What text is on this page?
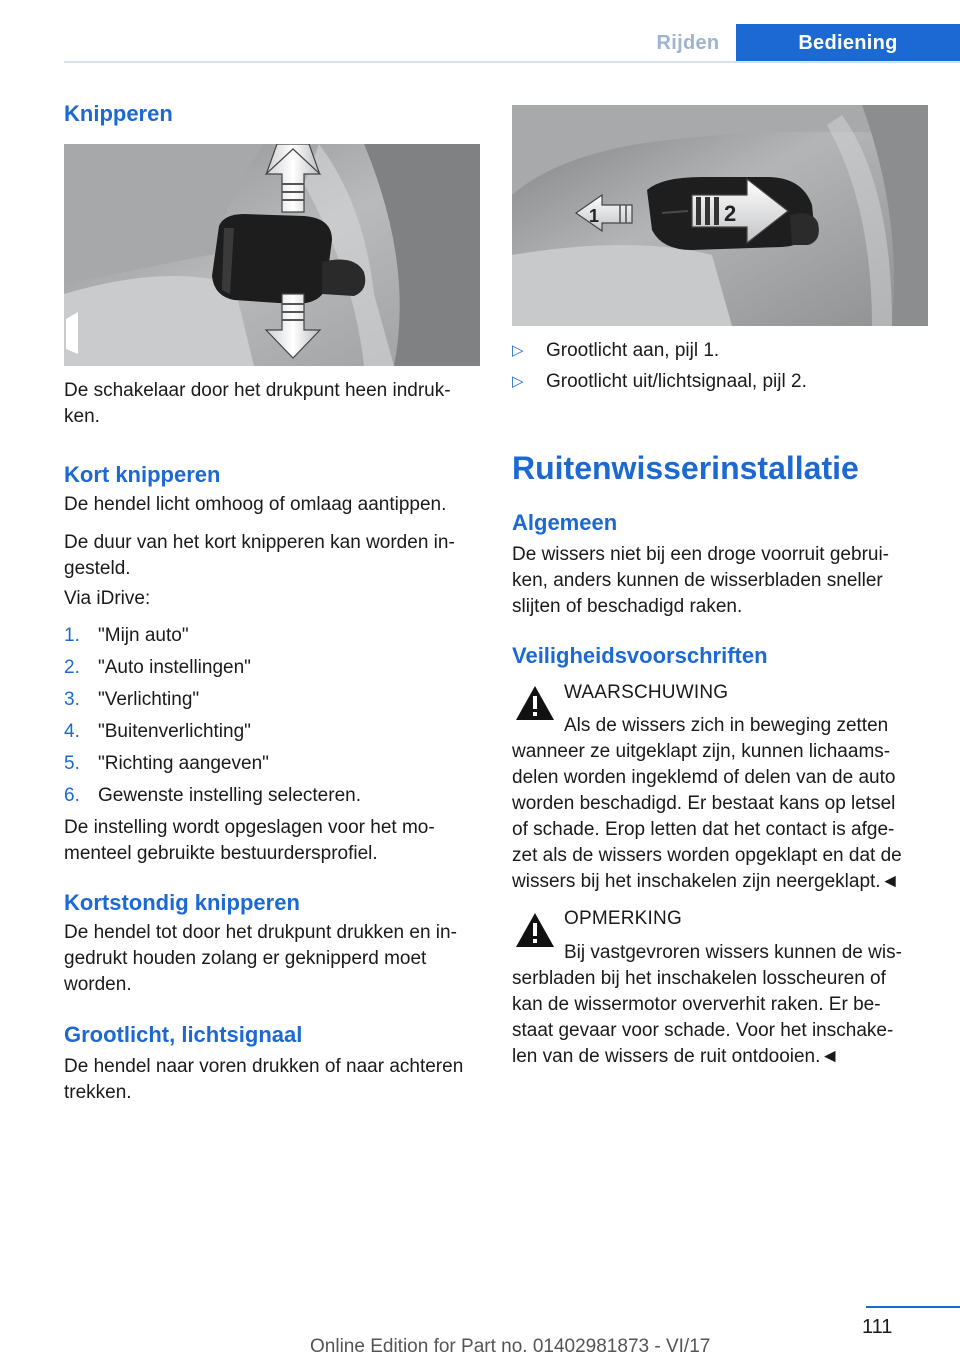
Rijden	Bediening
Knipperen

De schakelaar door het drukpunt heen indruk-
ken.

Kort knipperen

De hendel licht omhoog of omlaag aantippen.

De duur van het kort knipperen kan worden in-
gesteld.

Via iDrive:

1. "Mijn auto"
2. "Auto instellingen"
3. "Verlichting"
4. "Buitenverlichting"
5. "Richting aangeven"
6. Gewenste instelling selecteren.

De instelling wordt opgeslagen voor het mo-
menteel gebruikte bestuurdersprofiel.

Kortstondig knipperen

De hendel tot door het drukpunt drukken en in-
gedrukt houden zolang er geknipperd moet
worden.

Grootlicht, lichtsignaal

De hendel naar voren drukken of naar achteren
trekken.

1	2
▷	Grootlicht aan, pijl 1.
▷	Grootlicht uit/lichtsignaal, pijl 2.
Ruitenwisserinstallatie
Algemeen

De wissers niet bij een droge voorruit gebrui-
ken, anders kunnen de wisserbladen sneller
slijten of beschadigd raken.

Veiligheidsvoorschriften
WAARSCHUWING

Als de wissers zich in beweging zetten
wanneer ze uitgeklapt zijn, kunnen lichaams-
delen worden ingeklemd of delen van de auto
worden beschadigd. Er bestaat kans op letsel
of schade. Erop letten dat het contact is afge-
zet als de wissers worden opgeklapt en dat de
wissers bij het inschakelen zijn neergeklapt.◄

OPMERKING

Bij vastgevroren wissers kunnen de wis-
serbladen bij het inschakelen losscheuren of
kan de wissermotor oververhit raken. Er be-
staat gevaar voor schade. Voor het inschake-
len van de wissers de ruit ontdooien.◄

111
Online Edition for Part no. 01402981873 - VI/17
